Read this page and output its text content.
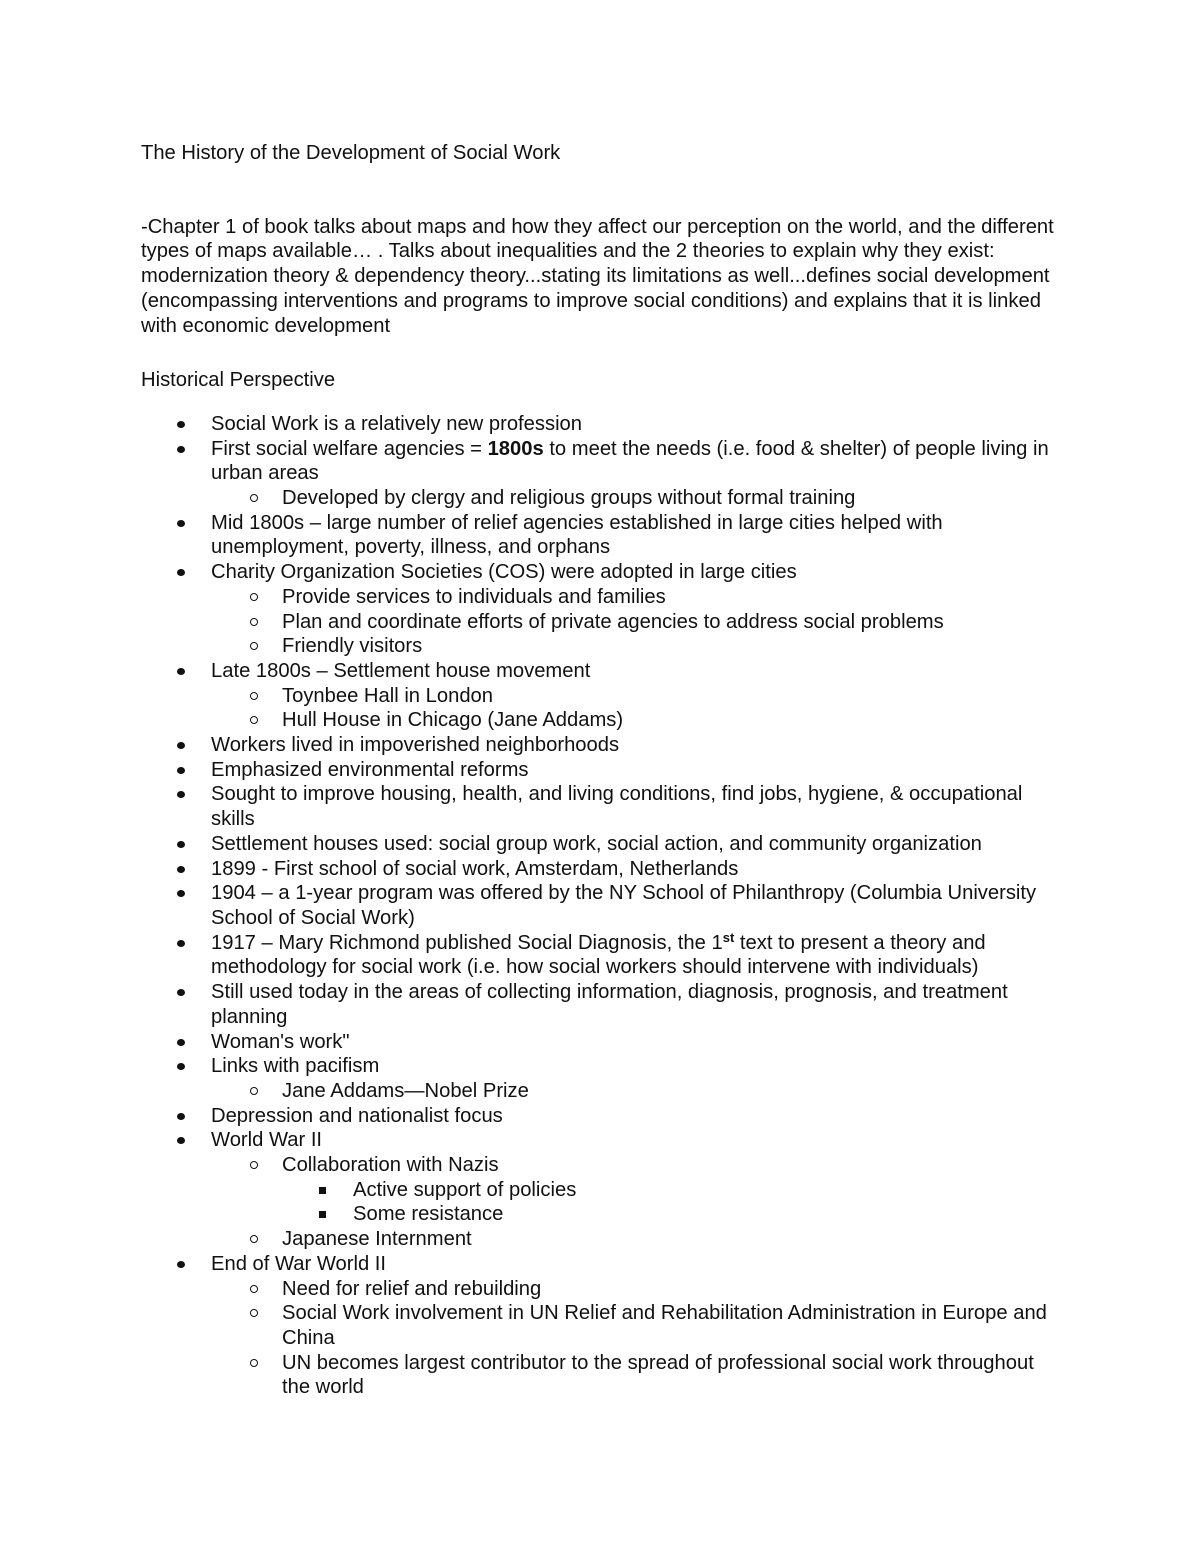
The History of the Development of Social Work

-Chapter 1 of book talks about maps and how they affect our perception on the world, and the different types of maps available… . Talks about inequalities and the 2 theories to explain why they exist: modernization theory & dependency theory...stating its limitations as well...defines social development (encompassing interventions and programs to improve social conditions) and explains that it is linked with economic development

Historical Perspective

Social Work is a relatively new profession
First social welfare agencies = 1800s to meet the needs (i.e. food & shelter) of people living in urban areas
Developed by clergy and religious groups without formal training
Mid 1800s – large number of relief agencies established in large cities helped with unemployment, poverty, illness, and orphans
Charity Organization Societies (COS) were adopted in large cities
Provide services to individuals and families
Plan and coordinate efforts of private agencies to address social problems
Friendly visitors
Late 1800s – Settlement house movement
Toynbee Hall in London
Hull House in Chicago (Jane Addams)
Workers lived in impoverished neighborhoods
Emphasized environmental reforms
Sought to improve housing, health, and living conditions, find jobs, hygiene, & occupational skills
Settlement houses used: social group work, social action, and community organization
1899 - First school of social work, Amsterdam, Netherlands
1904 – a 1-year program was offered by the NY School of Philanthropy (Columbia University School of Social Work)
1917 – Mary Richmond published Social Diagnosis, the 1st text to present a theory and methodology for social work (i.e. how social workers should intervene with individuals)
Still used today in the areas of collecting information, diagnosis, prognosis, and treatment planning
Woman's work"
Links with pacifism
Jane Addams—Nobel Prize
Depression and nationalist focus
World War II
Collaboration with Nazis
Active support of policies
Some resistance
Japanese Internment
End of War World II
Need for relief and rebuilding
Social Work involvement in UN Relief and Rehabilitation Administration in Europe and China
UN becomes largest contributor to the spread of professional social work throughout the world
